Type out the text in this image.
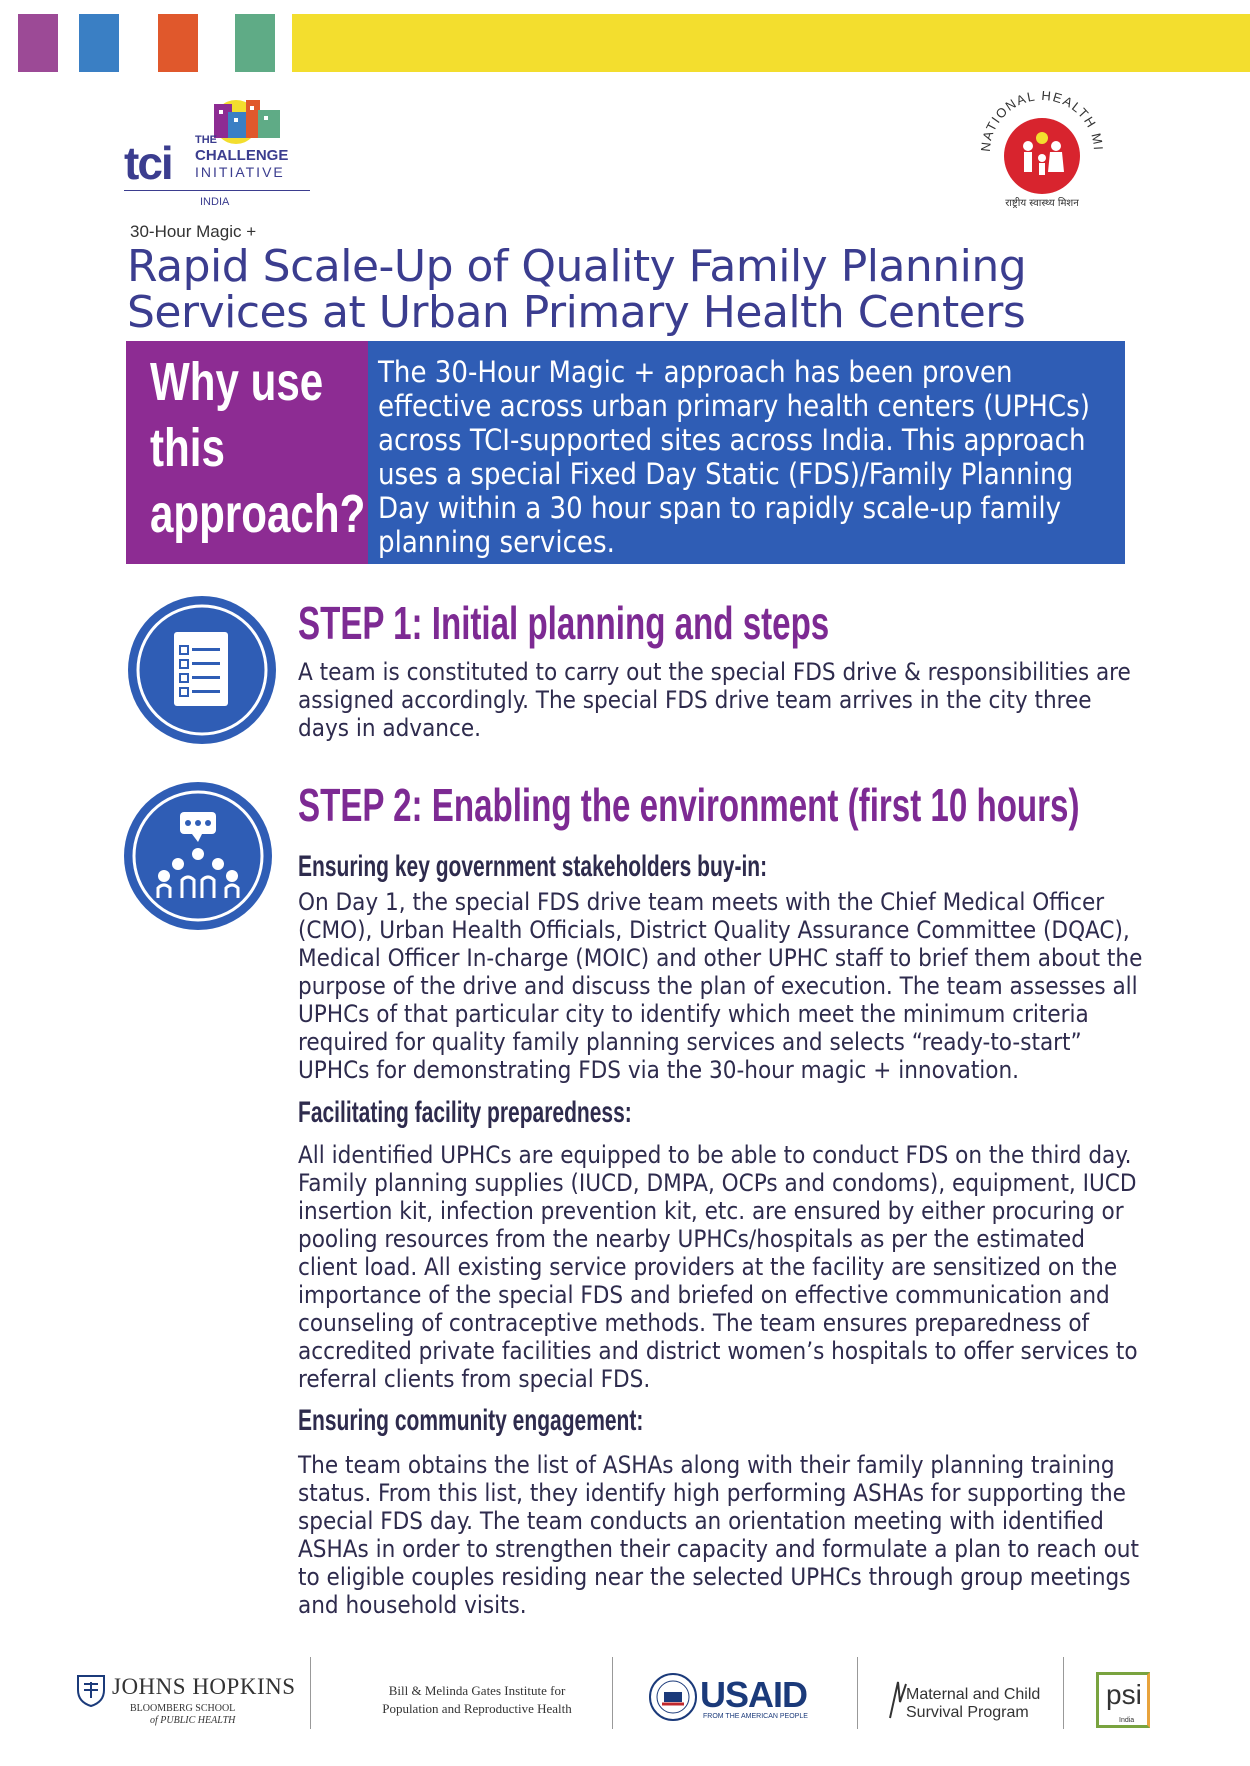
tci THE
CHALLENGE
INITIATIVE
INDIA
NATIONAL HEALTH MI
राष्ट्रीय स्वास्थ्य मिशन
30-Hour Magic +
Rapid Scale-Up of Quality Family Planning
Services at Urban Primary Health Centers
Why use
this
approach?
The 30-Hour Magic + approach has been proven effective across urban primary health centers (UPHCs) across TCI-supported sites across India. This approach uses a special Fixed Day Static (FDS)/Family Planning Day within a 30 hour span to rapidly scale-up family planning services.
STEP 1: Initial planning and steps
A team is constituted to carry out the special FDS drive & responsibilities are assigned accordingly. The special FDS drive team arrives in the city three days in advance.
STEP 2: Enabling the environment (first 10 hours)
Ensuring key government stakeholders buy-in:
On Day 1, the special FDS drive team meets with the Chief Medical Officer (CMO), Urban Health Officials, District Quality Assurance Committee (DQAC), Medical Officer In-charge (MOIC) and other UPHC staff to brief them about the purpose of the drive and discuss the plan of execution. The team assesses all UPHCs of that particular city to identify which meet the minimum criteria required for quality family planning services and selects “ready-to-start” UPHCs for demonstrating FDS via the 30-hour magic + innovation.
Facilitating facility preparedness:
All identified UPHCs are equipped to be able to conduct FDS on the third day. Family planning supplies (IUCD, DMPA, OCPs and condoms), equipment, IUCD insertion kit, infection prevention kit, etc. are ensured by either procuring or pooling resources from the nearby UPHCs/hospitals as per the estimated client load. All existing service providers at the facility are sensitized on the importance of the special FDS and briefed on effective communication and counseling of contraceptive methods. The team ensures preparedness of accredited private facilities and district women’s hospitals to offer services to referral clients from special FDS.
Ensuring community engagement:
The team obtains the list of ASHAs along with their family planning training status. From this list, they identify high performing ASHAs for supporting the special FDS day. The team conducts an orientation meeting with identified ASHAs in order to strengthen their capacity and formulate a plan to reach out to eligible couples residing near the selected UPHCs through group meetings and household visits.
JOHNS HOPKINS
BLOOMBERG SCHOOL
of PUBLIC HEALTH
Bill & Melinda Gates Institute for
Population and Reproductive Health	USAID
FROM THE AMERICAN PEOPLE
Maternal and Child
Survival Program
psi
India
